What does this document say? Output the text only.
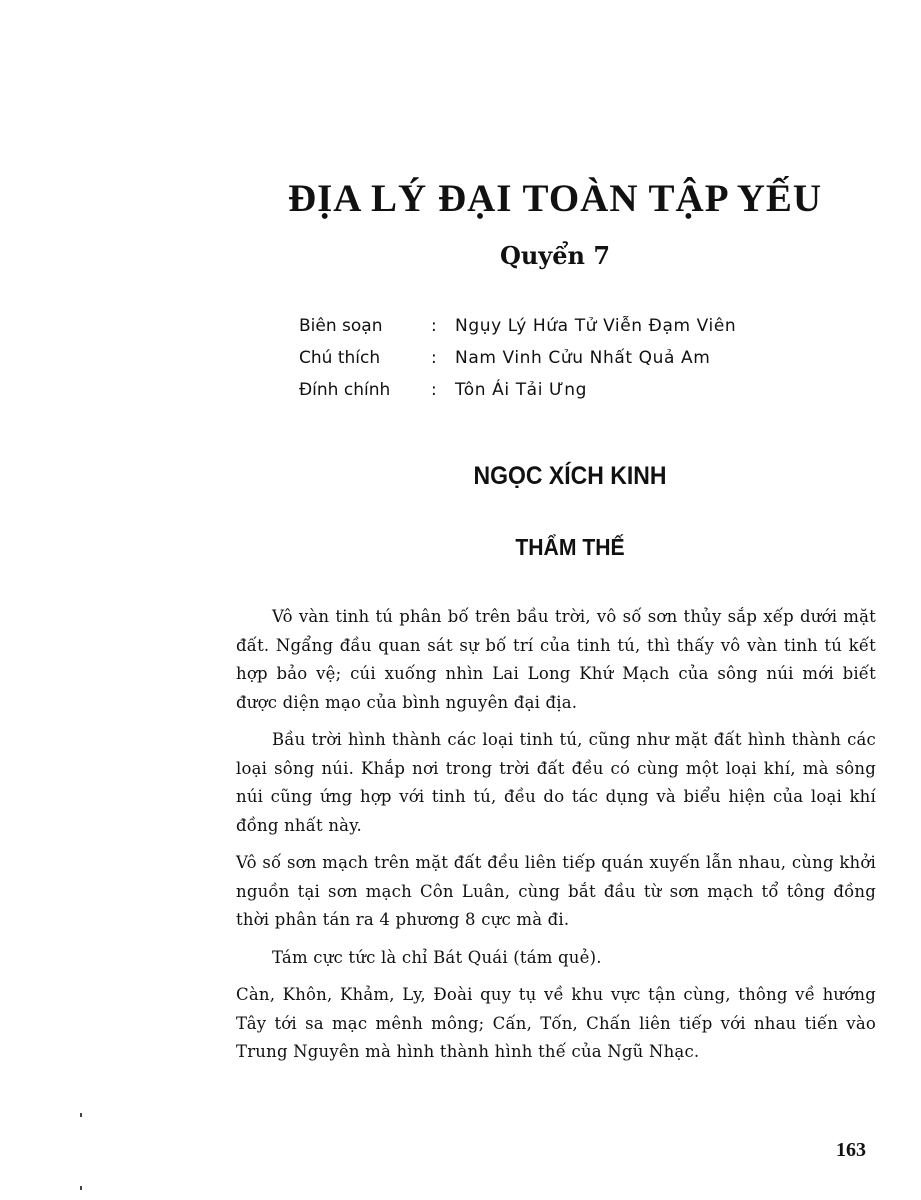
ĐỊA LÝ ĐẠI TOÀN TẬP YẾU
Quyển 7
Biên soạn	:	Ngụy Lý Hứa Tử Viễn Đạm Viên
Chú thích	:	Nam Vinh Cửu Nhất Quả Am
Đính chính	:	Tôn Ái Tải Ưng
NGỌC XÍCH KINH
THẨM THẾ

Vô vàn tinh tú phân bố trên bầu trời, vô số sơn thủy sắp xếp dưới mặt đất. Ngẩng đầu quan sát sự bố trí của tinh tú, thì thấy vô vàn tinh tú kết hợp bảo vệ; cúi xuống nhìn Lai Long Khứ Mạch của sông núi mới biết được diện mạo của bình nguyên đại địa.

Bầu trời hình thành các loại tinh tú, cũng như mặt đất hình thành các loại sông núi. Khắp nơi trong trời đất đều có cùng một loại khí, mà sông núi cũng ứng hợp với tinh tú, đều do tác dụng và biểu hiện của loại khí đồng nhất này.

Vô số sơn mạch trên mặt đất đều liên tiếp quán xuyến lẫn nhau, cùng khởi nguồn tại sơn mạch Côn Luân, cùng bắt đầu từ sơn mạch tổ tông đồng thời phân tán ra 4 phương 8 cực mà đi.

Tám cực tức là chỉ Bát Quái (tám quẻ).

Càn, Khôn, Khảm, Ly, Đoài quy tụ về khu vực tận cùng, thông về hướng Tây tới sa mạc mênh mông; Cấn, Tốn, Chấn liên tiếp với nhau tiến vào Trung Nguyên mà hình thành hình thế của Ngũ Nhạc.

163
